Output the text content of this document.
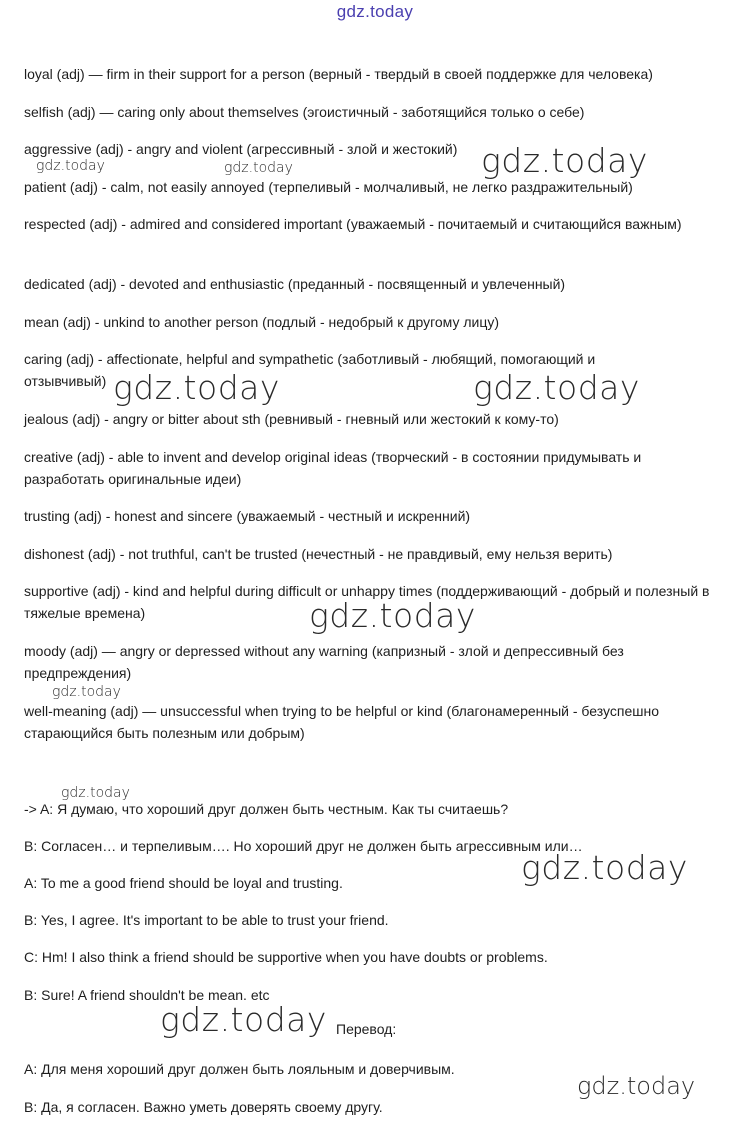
gdz.today
loyal (adj) — firm in their support for a person (верный - твердый в своей поддержке для человека)
selfish (adj) — caring only about themselves (эгоистичный - заботящийся только о себе)
aggressive (adj) - angry and violent (агрессивный - злой и жестокий)
patient (adj) - calm, not easily annoyed (терпеливый - молчаливый, не легко раздражительный)
respected (adj) - admired and considered important (уважаемый - почитаемый и считающийся важным)
dedicated (adj) - devoted and enthusiastic (преданный - посвященный и увлеченный)
mean (adj) - unkind to another person (подлый - недобрый к другому лицу)
caring (adj) - affectionate, helpful and sympathetic (заботливый - любящий, помогающий и отзывчивый)
jealous (adj) - angry or bitter about sth (ревнивый - гневный или жестокий к кому-то)
creative (adj) - able to invent and develop original ideas (творческий - в состоянии придумывать и разработать оригинальные идеи)
trusting (adj) - honest and sincere (уважаемый - честный и искренний)
dishonest (adj) - not truthful, can't be trusted (нечестный - не правдивый, ему нельзя верить)
supportive (adj) - kind and helpful during difficult or unhappy times (поддерживающий - добрый и полезный в тяжелые времена)
moody (adj) — angry or depressed without any warning (капризный - злой и депрессивный без предпреждения)
well-meaning (adj) — unsuccessful when trying to be helpful or kind (благонамеренный - безуспешно старающийся быть полезным или добрым)
-> A: Я думаю, что хороший друг должен быть честным. Как ты считаешь?
B: Согласен… и терпеливым…. Но хороший друг не должен быть агрессивным или…
A: To me a good friend should be loyal and trusting.
B: Yes, I agree. It's important to be able to trust your friend.
C: Hm! I also think a friend should be supportive when you have doubts or problems.
B: Sure! A friend shouldn't be mean. etc
Перевод:
A: Для меня хороший друг должен быть лояльным и доверчивым.
B: Да, я согласен. Важно уметь доверять своему другу.
gdz.today	gdz.today	gdz.today
gdz.today	gdz.today
gdz.today
gdz.today
gdz.today
gdz.today
gdz.today
gdz.today
